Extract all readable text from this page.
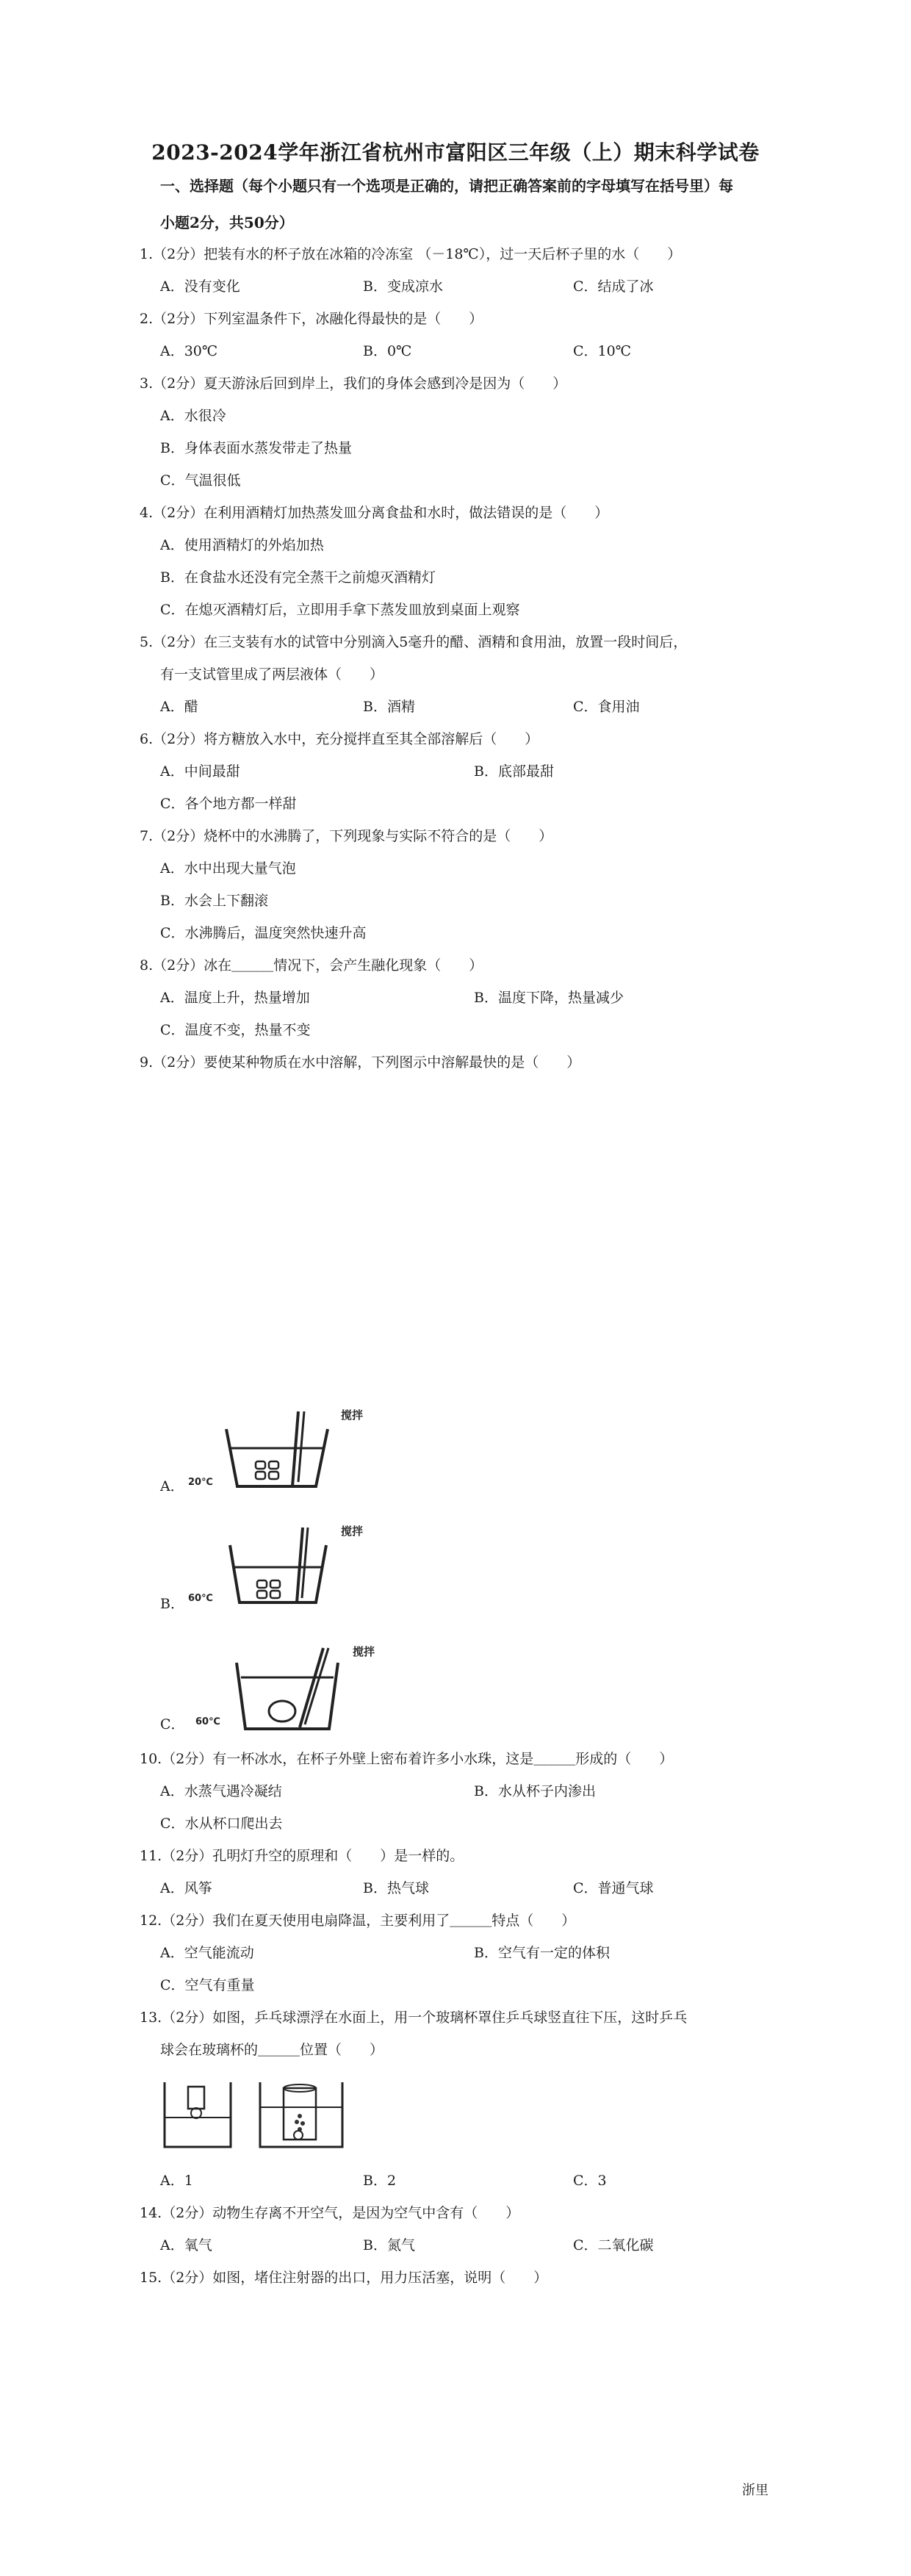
2023-2024学年浙江省杭州市富阳区三年级（上）期末科学试卷
一、选择题（每个小题只有一个选项是正确的，请把正确答案前的字母填写在括号里）每
小题2分，共50分）
1.（2分）把装有水的杯子放在冰箱的冷冻室 （－18℃），过一天后杯子里的水（　　）
A．没有变化	B．变成凉水	C．结成了冰
2.（2分）下列室温条件下，冰融化得最快的是（　　）
A．30℃	B．0℃	C．10℃
3.（2分）夏天游泳后回到岸上，我们的身体会感到冷是因为（　　）
A．水很冷
B．身体表面水蒸发带走了热量
C．气温很低
4.（2分）在利用酒精灯加热蒸发皿分离食盐和水时，做法错误的是（　　）
A．使用酒精灯的外焰加热
B．在食盐水还没有完全蒸干之前熄灭酒精灯
C．在熄灭酒精灯后，立即用手拿下蒸发皿放到桌面上观察
5.（2分）在三支装有水的试管中分别滴入5毫升的醋、酒精和食用油，放置一段时间后，
有一支试管里成了两层液体（　　）
A．醋	B．酒精	C．食用油
6.（2分）将方糖放入水中，充分搅拌直至其全部溶解后（　　）
A．中间最甜	B．底部最甜
C．各个地方都一样甜
7.（2分）烧杯中的水沸腾了，下列现象与实际不符合的是（　　）
A．水中出现大量气泡
B．水会上下翻滚
C．水沸腾后，温度突然快速升高
8.（2分）冰在＿＿＿情况下，会产生融化现象（　　）
A．温度上升，热量增加	B．温度下降，热量减少
C．温度不变，热量不变
9.（2分）要使某种物质在水中溶解，下列图示中溶解最快的是（　　）
搅拌
20℃
A．
搅拌
60℃
B．
搅拌
60℃
C．
10.（2分）有一杯冰水，在杯子外壁上密布着许多小水珠，这是＿＿＿形成的（　　）
A．水蒸气遇冷凝结	B．水从杯子内渗出
C．水从杯口爬出去
11.（2分）孔明灯升空的原理和（　　）是一样的。
A．风筝	B．热气球	C．普通气球
12.（2分）我们在夏天使用电扇降温，主要利用了＿＿＿特点（　　）
A．空气能流动	B．空气有一定的体积
C．空气有重量
13.（2分）如图，乒乓球漂浮在水面上，用一个玻璃杯罩住乒乓球竖直往下压，这时乒乓
球会在玻璃杯的＿＿＿位置（　　）
A．1	B．2	C．3
14.（2分）动物生存离不开空气，是因为空气中含有（　　）
A．氧气	B．氮气	C．二氧化碳
15.（2分）如图，堵住注射器的出口，用力压活塞，说明（　　）
浙里
